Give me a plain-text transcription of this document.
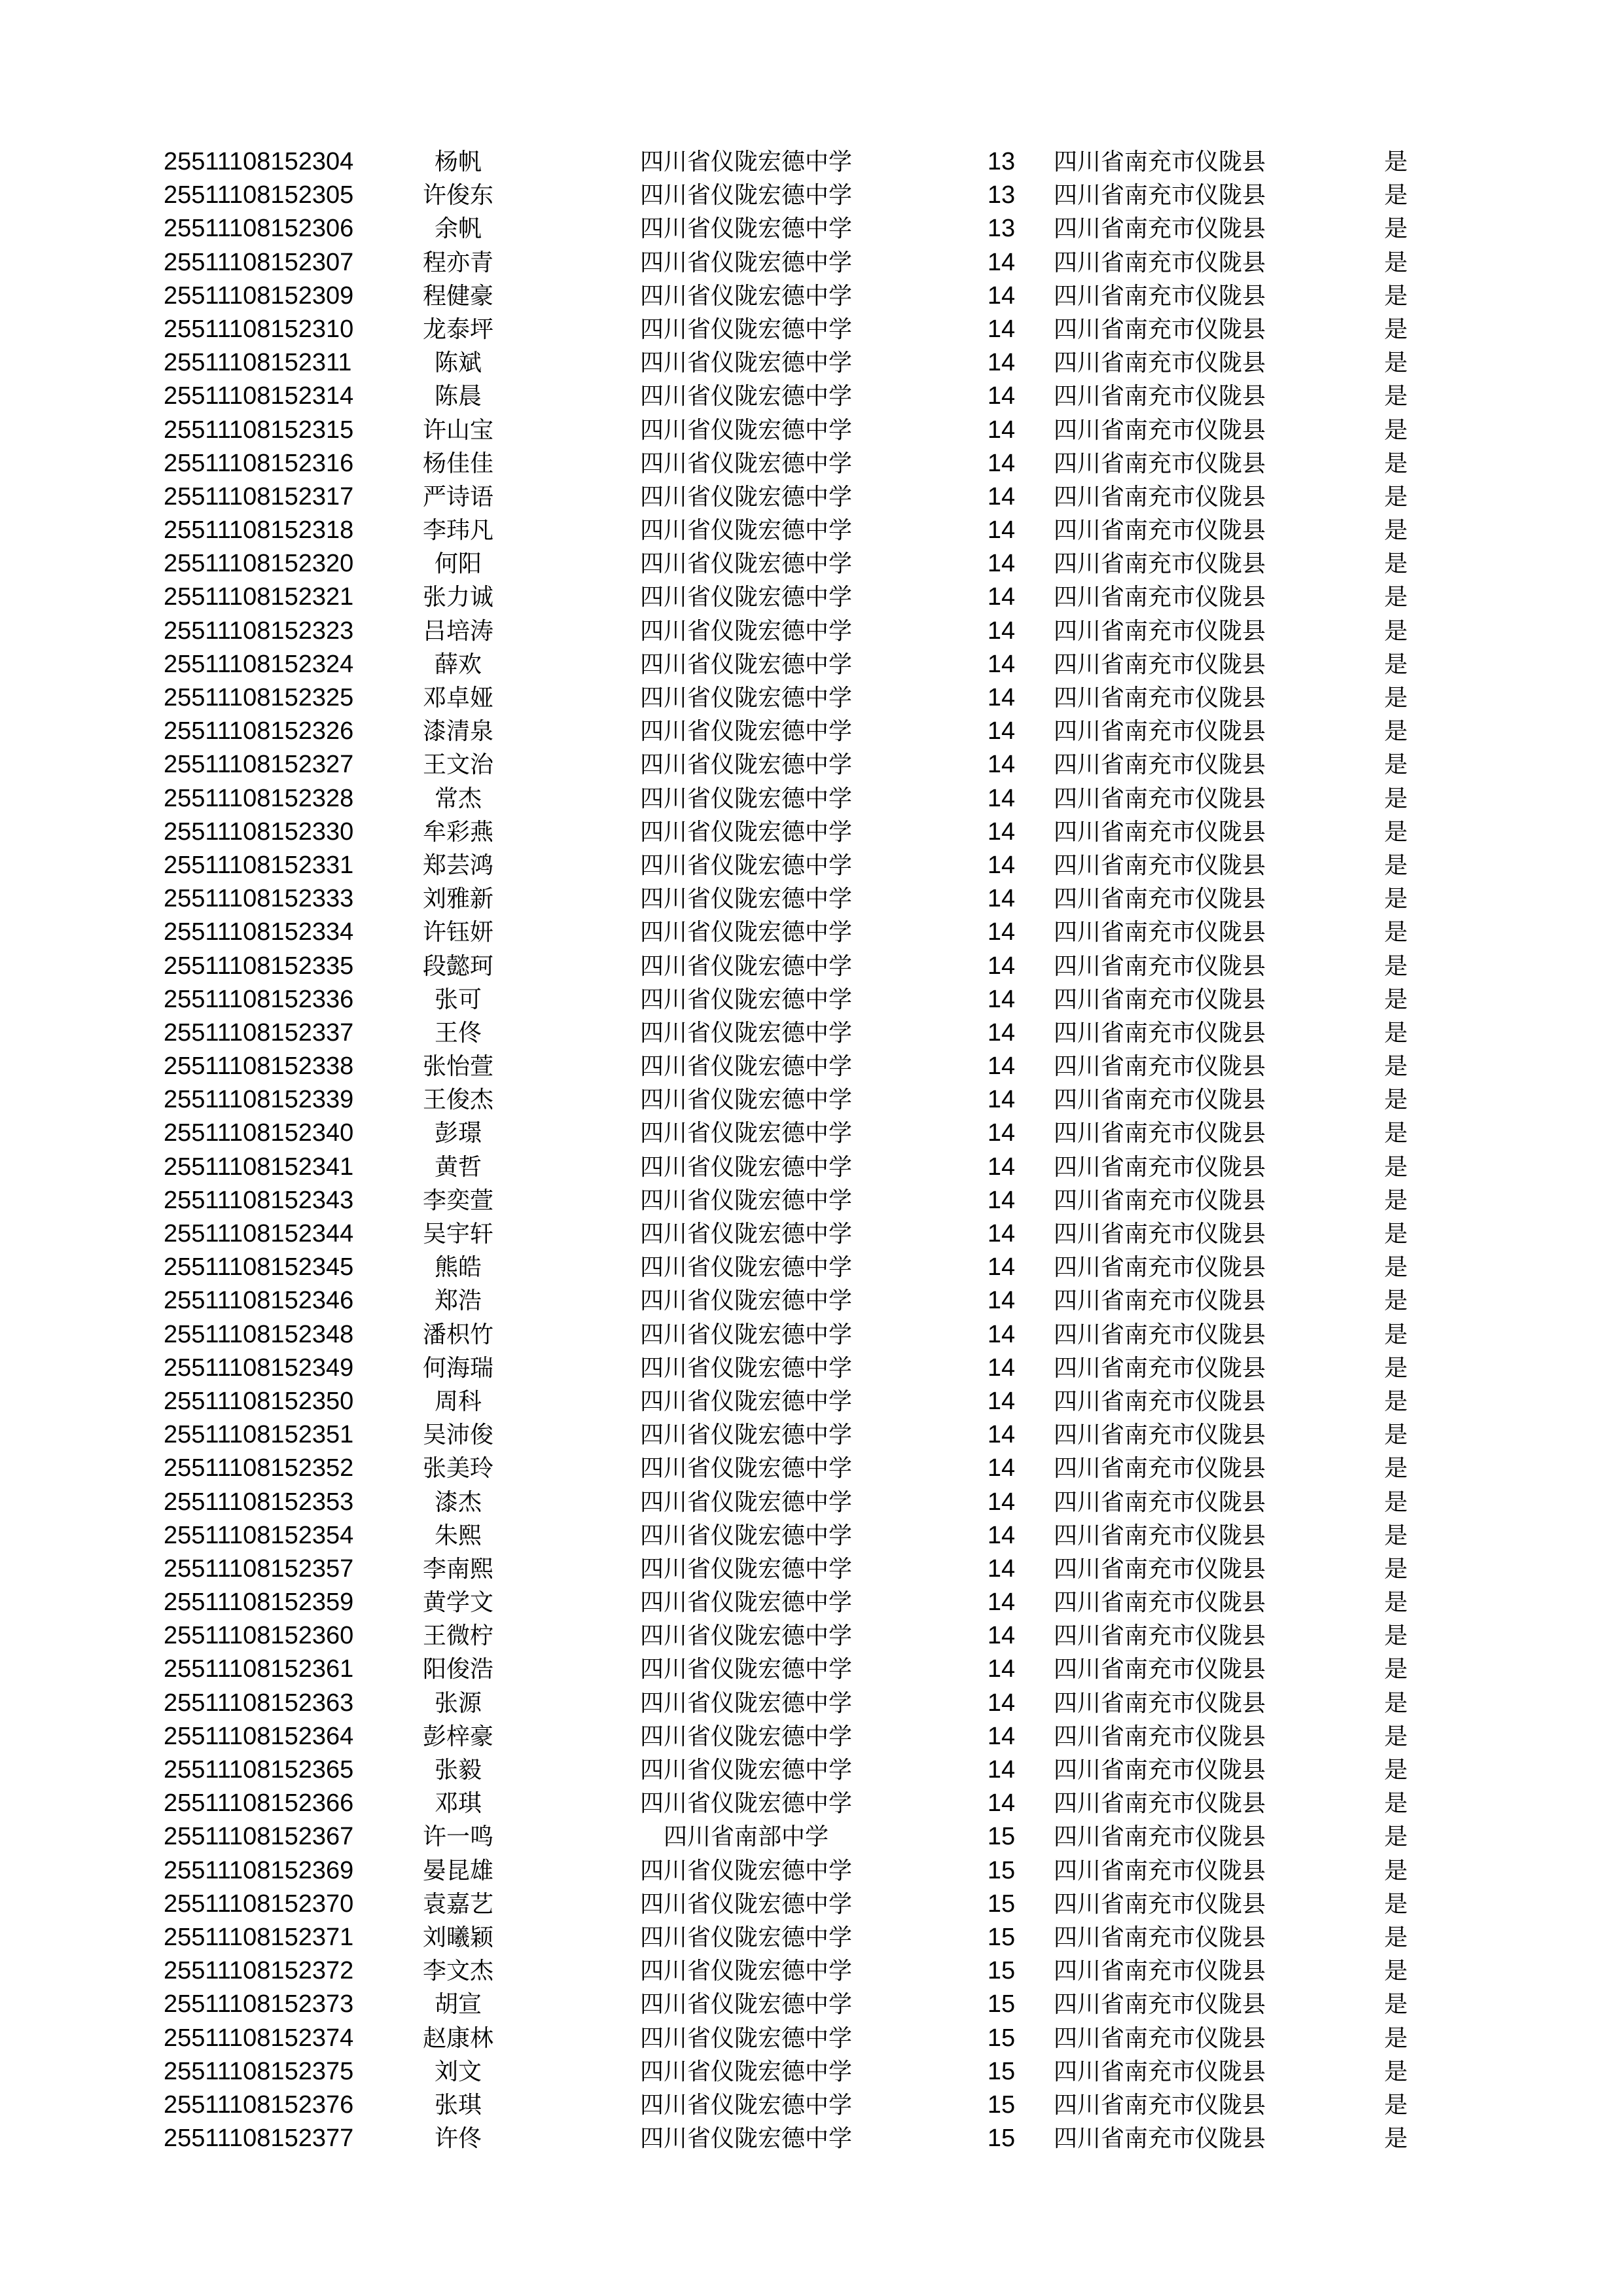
25511108152304	杨帆	四川省仪陇宏德中学	13	四川省南充市仪陇县	是
25511108152305	许俊东	四川省仪陇宏德中学	13	四川省南充市仪陇县	是
25511108152306	余帆	四川省仪陇宏德中学	13	四川省南充市仪陇县	是
25511108152307	程亦青	四川省仪陇宏德中学	14	四川省南充市仪陇县	是
25511108152309	程健豪	四川省仪陇宏德中学	14	四川省南充市仪陇县	是
25511108152310	龙泰坪	四川省仪陇宏德中学	14	四川省南充市仪陇县	是
25511108152311	陈斌	四川省仪陇宏德中学	14	四川省南充市仪陇县	是
25511108152314	陈晨	四川省仪陇宏德中学	14	四川省南充市仪陇县	是
25511108152315	许山宝	四川省仪陇宏德中学	14	四川省南充市仪陇县	是
25511108152316	杨佳佳	四川省仪陇宏德中学	14	四川省南充市仪陇县	是
25511108152317	严诗语	四川省仪陇宏德中学	14	四川省南充市仪陇县	是
25511108152318	李玮凡	四川省仪陇宏德中学	14	四川省南充市仪陇县	是
25511108152320	何阳	四川省仪陇宏德中学	14	四川省南充市仪陇县	是
25511108152321	张力诚	四川省仪陇宏德中学	14	四川省南充市仪陇县	是
25511108152323	吕培涛	四川省仪陇宏德中学	14	四川省南充市仪陇县	是
25511108152324	薛欢	四川省仪陇宏德中学	14	四川省南充市仪陇县	是
25511108152325	邓卓娅	四川省仪陇宏德中学	14	四川省南充市仪陇县	是
25511108152326	漆清泉	四川省仪陇宏德中学	14	四川省南充市仪陇县	是
25511108152327	王文治	四川省仪陇宏德中学	14	四川省南充市仪陇县	是
25511108152328	常杰	四川省仪陇宏德中学	14	四川省南充市仪陇县	是
25511108152330	牟彩燕	四川省仪陇宏德中学	14	四川省南充市仪陇县	是
25511108152331	郑芸鸿	四川省仪陇宏德中学	14	四川省南充市仪陇县	是
25511108152333	刘雅新	四川省仪陇宏德中学	14	四川省南充市仪陇县	是
25511108152334	许钰妍	四川省仪陇宏德中学	14	四川省南充市仪陇县	是
25511108152335	段懿珂	四川省仪陇宏德中学	14	四川省南充市仪陇县	是
25511108152336	张可	四川省仪陇宏德中学	14	四川省南充市仪陇县	是
25511108152337	王佟	四川省仪陇宏德中学	14	四川省南充市仪陇县	是
25511108152338	张怡萱	四川省仪陇宏德中学	14	四川省南充市仪陇县	是
25511108152339	王俊杰	四川省仪陇宏德中学	14	四川省南充市仪陇县	是
25511108152340	彭璟	四川省仪陇宏德中学	14	四川省南充市仪陇县	是
25511108152341	黄哲	四川省仪陇宏德中学	14	四川省南充市仪陇县	是
25511108152343	李奕萱	四川省仪陇宏德中学	14	四川省南充市仪陇县	是
25511108152344	吴宇轩	四川省仪陇宏德中学	14	四川省南充市仪陇县	是
25511108152345	熊皓	四川省仪陇宏德中学	14	四川省南充市仪陇县	是
25511108152346	郑浩	四川省仪陇宏德中学	14	四川省南充市仪陇县	是
25511108152348	潘枳竹	四川省仪陇宏德中学	14	四川省南充市仪陇县	是
25511108152349	何海瑞	四川省仪陇宏德中学	14	四川省南充市仪陇县	是
25511108152350	周科	四川省仪陇宏德中学	14	四川省南充市仪陇县	是
25511108152351	吴沛俊	四川省仪陇宏德中学	14	四川省南充市仪陇县	是
25511108152352	张美玲	四川省仪陇宏德中学	14	四川省南充市仪陇县	是
25511108152353	漆杰	四川省仪陇宏德中学	14	四川省南充市仪陇县	是
25511108152354	朱熙	四川省仪陇宏德中学	14	四川省南充市仪陇县	是
25511108152357	李南熙	四川省仪陇宏德中学	14	四川省南充市仪陇县	是
25511108152359	黄学文	四川省仪陇宏德中学	14	四川省南充市仪陇县	是
25511108152360	王微柠	四川省仪陇宏德中学	14	四川省南充市仪陇县	是
25511108152361	阳俊浩	四川省仪陇宏德中学	14	四川省南充市仪陇县	是
25511108152363	张源	四川省仪陇宏德中学	14	四川省南充市仪陇县	是
25511108152364	彭梓豪	四川省仪陇宏德中学	14	四川省南充市仪陇县	是
25511108152365	张毅	四川省仪陇宏德中学	14	四川省南充市仪陇县	是
25511108152366	邓琪	四川省仪陇宏德中学	14	四川省南充市仪陇县	是
25511108152367	许一鸣	四川省南部中学	15	四川省南充市仪陇县	是
25511108152369	晏昆雄	四川省仪陇宏德中学	15	四川省南充市仪陇县	是
25511108152370	袁嘉艺	四川省仪陇宏德中学	15	四川省南充市仪陇县	是
25511108152371	刘曦颖	四川省仪陇宏德中学	15	四川省南充市仪陇县	是
25511108152372	李文杰	四川省仪陇宏德中学	15	四川省南充市仪陇县	是
25511108152373	胡宣	四川省仪陇宏德中学	15	四川省南充市仪陇县	是
25511108152374	赵康林	四川省仪陇宏德中学	15	四川省南充市仪陇县	是
25511108152375	刘文	四川省仪陇宏德中学	15	四川省南充市仪陇县	是
25511108152376	张琪	四川省仪陇宏德中学	15	四川省南充市仪陇县	是
25511108152377	许佟	四川省仪陇宏德中学	15	四川省南充市仪陇县	是
